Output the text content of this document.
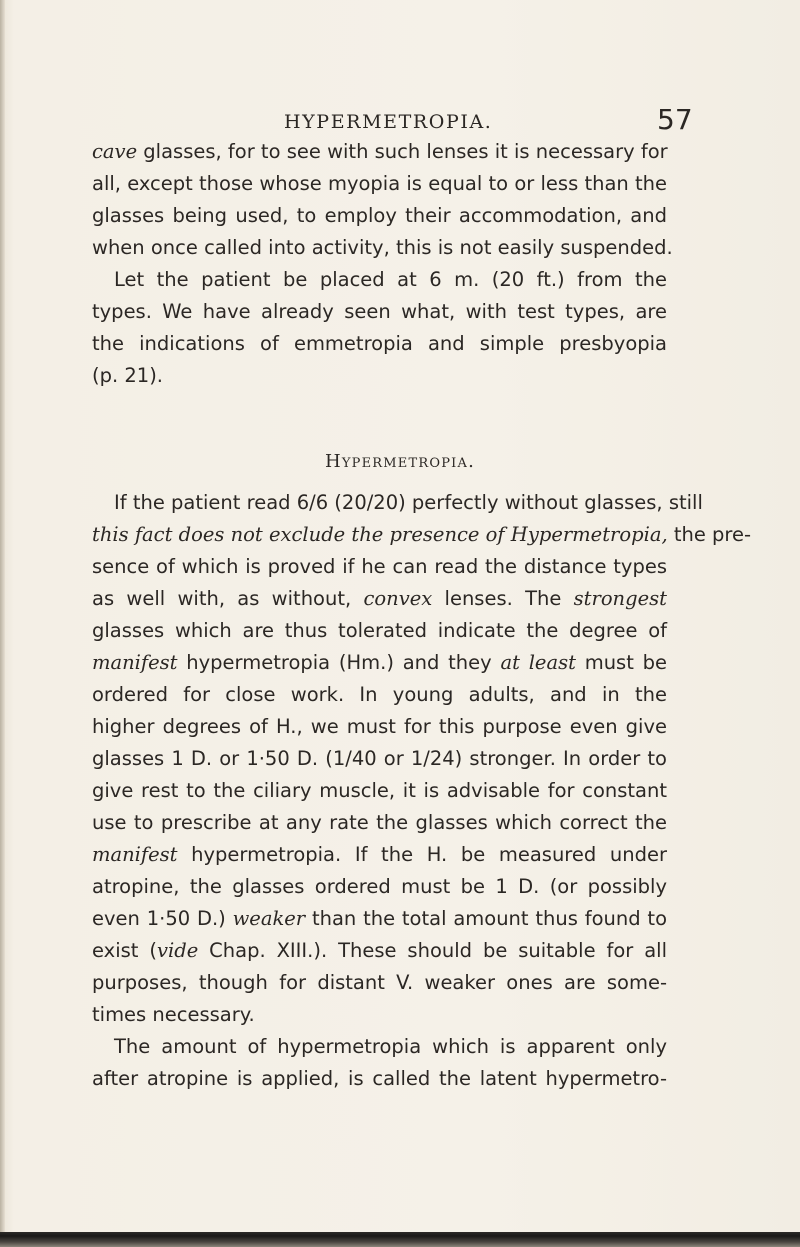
HYPERMETROPIA.	57
cave glasses, for to see with such lenses it is necessary for
all, except those whose myopia is equal to or less than the
glasses being used, to employ their accommodation, and
when once called into activity, this is not easily suspended.
Let the patient be placed at 6 m. (20 ft.) from the
types. We have already seen what, with test types, are
the indications of emmetropia and simple presbyopia
(p. 21).
Hypermetropia.
If the patient read 6/6 (20/20) perfectly without glasses, still
this fact does not exclude the presence of Hypermetropia, the pre-
sence of which is proved if he can read the distance types
as well with, as without, convex lenses. The strongest
glasses which are thus tolerated indicate the degree of
manifest hypermetropia (Hm.) and they at least must be
ordered for close work. In young adults, and in the
higher degrees of H., we must for this purpose even give
glasses 1 D. or 1·50 D. (1/40 or 1/24) stronger. In order to
give rest to the ciliary muscle, it is advisable for constant
use to prescribe at any rate the glasses which correct the
manifest hypermetropia. If the H. be measured under
atropine, the glasses ordered must be 1 D. (or possibly
even 1·50 D.) weaker than the total amount thus found to
exist (vide Chap. XIII.). These should be suitable for all
purposes, though for distant V. weaker ones are some-
times necessary.
The amount of hypermetropia which is apparent only
after atropine is applied, is called the latent hypermetro-
